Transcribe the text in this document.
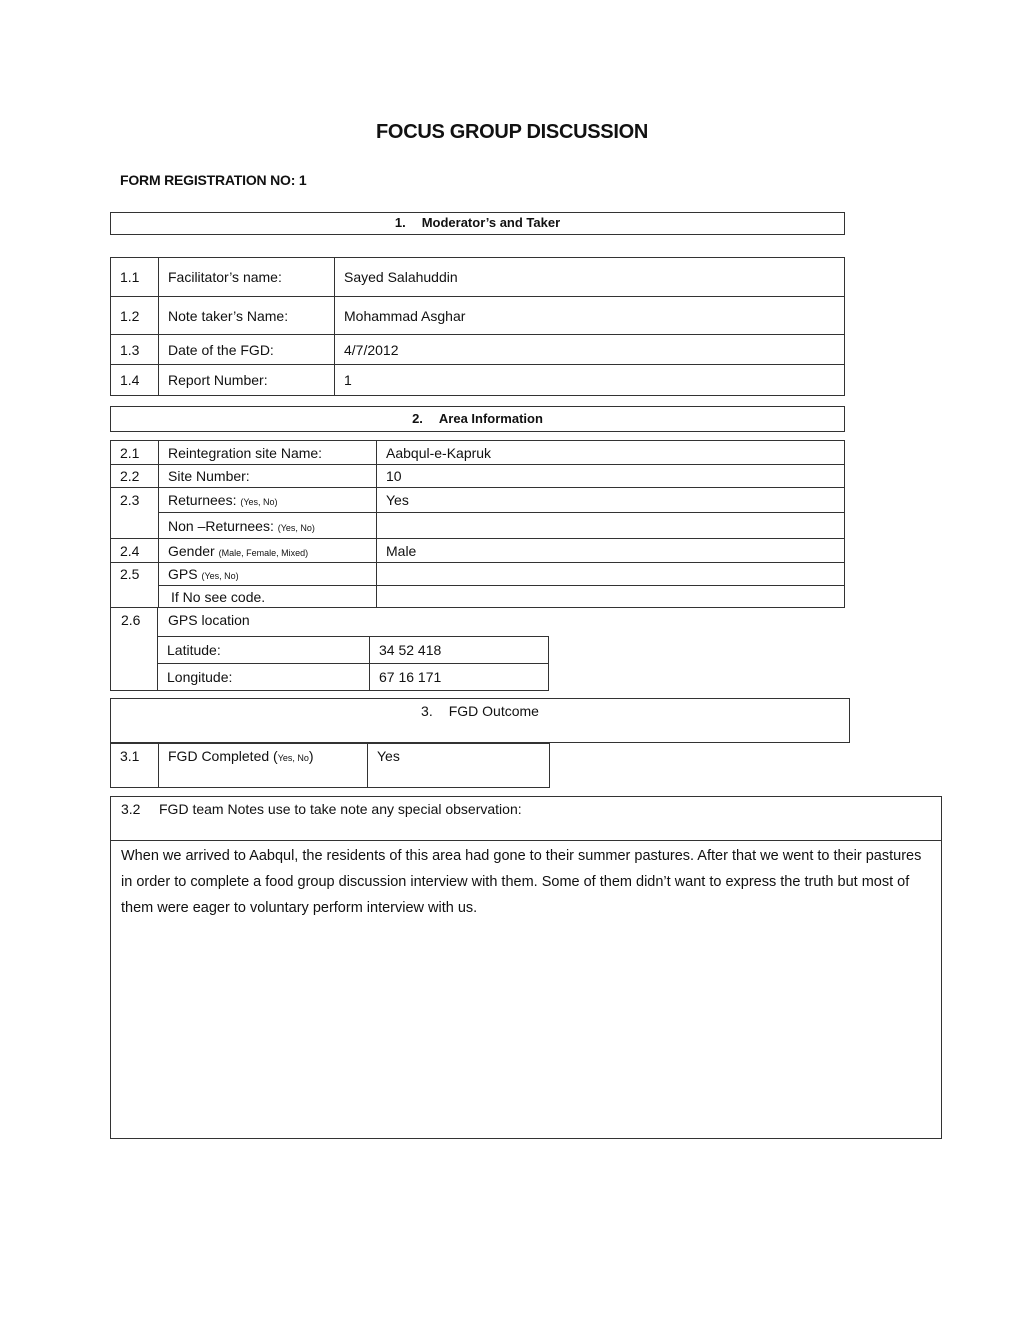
FOCUS GROUP DISCUSSION
FORM REGISTRATION NO: 1
1. Moderator’s and Taker
1.1	Facilitator’s name:	Sayed Salahuddin
1.2	Note taker’s Name:	Mohammad Asghar
1.3	Date of the FGD:	4/7/2012
1.4	Report Number:	1
2. Area Information
2.1	Reintegration site Name:	Aabqul-e-Kapruk
2.2	Site Number:	10
2.3	Returnees: (Yes, No)	Yes
	Non –Returnees: (Yes, No)	
2.4	Gender (Male, Female, Mixed)	Male
2.5	GPS (Yes, No)	
	If No see code.	
2.6 GPS location
Latitude:	34 52 418
Longitude:	67 16 171
3. FGD Outcome
3.1	FGD Completed (Yes, No)	Yes
3.2 FGD team Notes use to take note any special observation:
When we arrived to Aabqul, the residents of this area had gone to their summer pastures. After that we went to their pastures in order to complete a food group discussion interview with them. Some of them didn’t want to express the truth but most of them were eager to voluntary perform interview with us.
